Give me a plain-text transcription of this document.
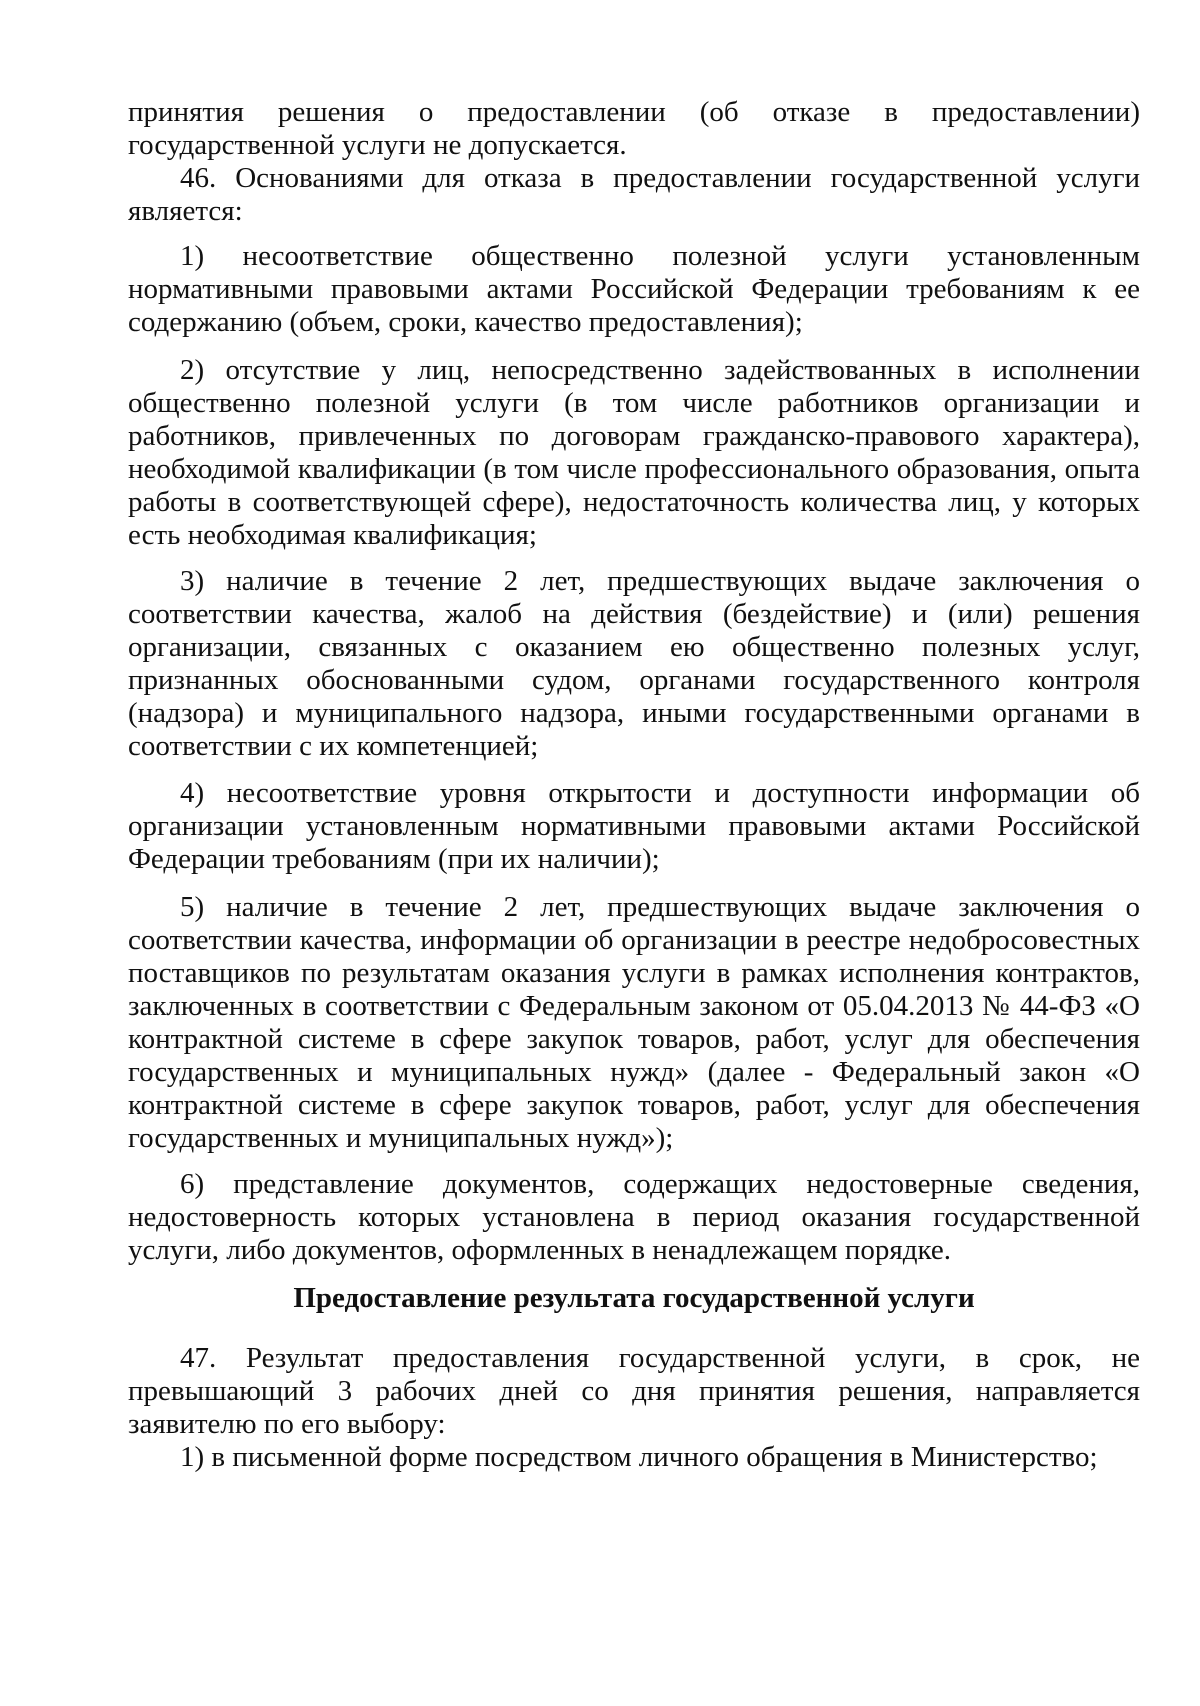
принятия решения о предоставлении (об отказе в предоставлении) государственной услуги не допускается.

46. Основаниями для отказа в предоставлении государственной услуги является:

1) несоответствие общественно полезной услуги установленным нормативными правовыми актами Российской Федерации требованиям к ее содержанию (объем, сроки, качество предоставления);

2) отсутствие у лиц, непосредственно задействованных в исполнении общественно полезной услуги (в том числе работников организации и работников, привлеченных по договорам гражданско-правового характера), необходимой квалификации (в том числе профессионального образования, опыта работы в соответствующей сфере), недостаточность количества лиц, у которых есть необходимая квалификация;

3) наличие в течение 2 лет, предшествующих выдаче заключения о соответствии качества, жалоб на действия (бездействие) и (или) решения организации, связанных с оказанием ею общественно полезных услуг, признанных обоснованными судом, органами государственного контроля (надзора) и муниципального надзора, иными государственными органами в соответствии с их компетенцией;

4) несоответствие уровня открытости и доступности информации об организации установленным нормативными правовыми актами Российской Федерации требованиям (при их наличии);

5) наличие в течение 2 лет, предшествующих выдаче заключения о соответствии качества, информации об организации в реестре недобросовестных поставщиков по результатам оказания услуги в рамках исполнения контрактов, заключенных в соответствии с Федеральным законом от 05.04.2013 № 44-ФЗ «О контрактной системе в сфере закупок товаров, работ, услуг для обеспечения государственных и муниципальных нужд» (далее - Федеральный закон «О контрактной системе в сфере закупок товаров, работ, услуг для обеспечения государственных и муниципальных нужд»);

6) представление документов, содержащих недостоверные сведения, недостоверность которых установлена в период оказания государственной услуги, либо документов, оформленных в ненадлежащем порядке.

Предоставление результата государственной услуги

47. Результат предоставления государственной услуги, в срок, не превышающий 3 рабочих дней со дня принятия решения, направляется заявителю по его выбору:

1) в письменной форме посредством личного обращения в Министерство;
